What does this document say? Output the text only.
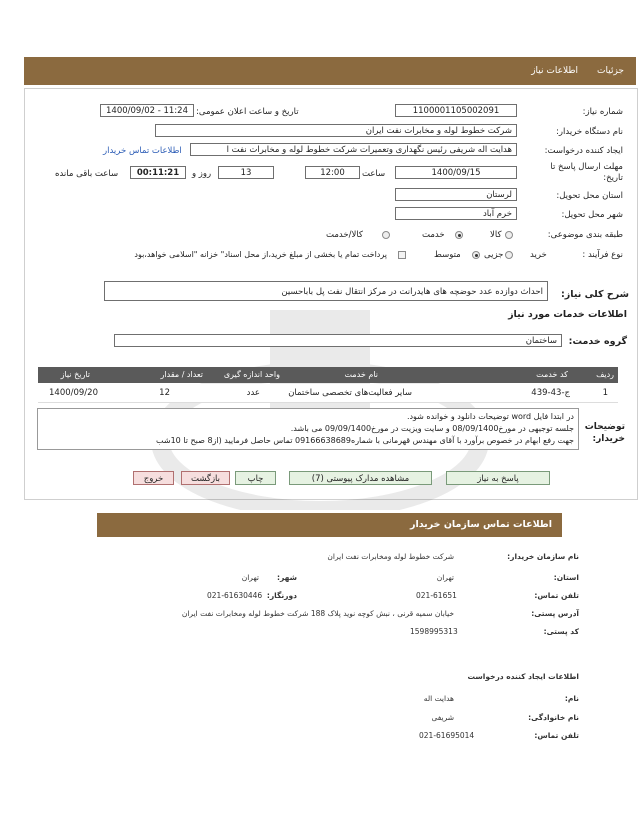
جزئیات
اطلاعات نیاز
شماره نیاز:
1100001105002091
تاریخ و ساعت اعلان عمومی:
1400/09/02 - 11:24
نام دستگاه خریدار:
شرکت خطوط لوله و مخابرات نفت ایران
ایجاد کننده درخواست:
هدایت اله شریفی رئیس نگهداری وتعمیرات شرکت خطوط لوله و مخابرات نفت ا
اطلاعات تماس خریدار
مهلت ارسال پاسخ تا تاریخ:
1400/09/15
ساعت
12:00
13
روز و
00:11:21
ساعت باقی مانده
استان محل تحویل:
لرستان
شهر محل تحویل:
خرم آباد
طبقه بندی موضوعی:
کالا
خدمت
کالا/خدمت
نوع فرآیند :
خرید
جزیی
متوسط
پرداخت تمام یا بخشی از مبلغ خرید،از محل اسناد" خزانه "اسلامی خواهد،بود
شرح کلی نیاز:
احداث دوازده عدد حوضچه های هایدرانت در مرکز انتقال نفت پل باباحسین
اطلاعات خدمات مورد نیاز
گروه خدمت:
ساختمان
ردیف
کد خدمت
نام خدمت
واحد اندازه گیری
تعداد / مقدار
تاریخ نیاز
1
ج-43-439
سایر فعالیت‌های تخصصی ساختمان
عدد
12
1400/09/20
توضیحات خریدار:
در ابتدا فایل word توضیحات دانلود و خوانده شود.
جلسه توجیهی در مورخ08/09/1400 و سایت ویزیت در مورخ09/09/1400 می باشد.
جهت رفع ابهام در خصوص برآورد با آقای مهندس قهرمانی با شماره09166638689 تماس حاصل فرمایید (از8 صبح تا 10شب
پاسخ به نیاز
مشاهده مدارک پیوستی (7)
چاپ
بازگشت
خروج
اطلاعات تماس سازمان خریدار
نام سازمان خریدار:
شرکت خطوط لوله ومخابرات نفت ایران
استان:
تهران
شهر:
تهران
تلفن تماس:
021-61651
دورنگار:
021-61630446
آدرس پستی:
خیابان سمیه قرنی ، نبش کوچه نوید پلاک 188 شرکت خطوط لوله ومخابرات نفت ایران
کد پستی:
1598995313
اطلاعات ایجاد کننده درخواست
نام:
هدایت اله
نام خانوادگی:
شریفی
تلفن تماس:
021-61695014
